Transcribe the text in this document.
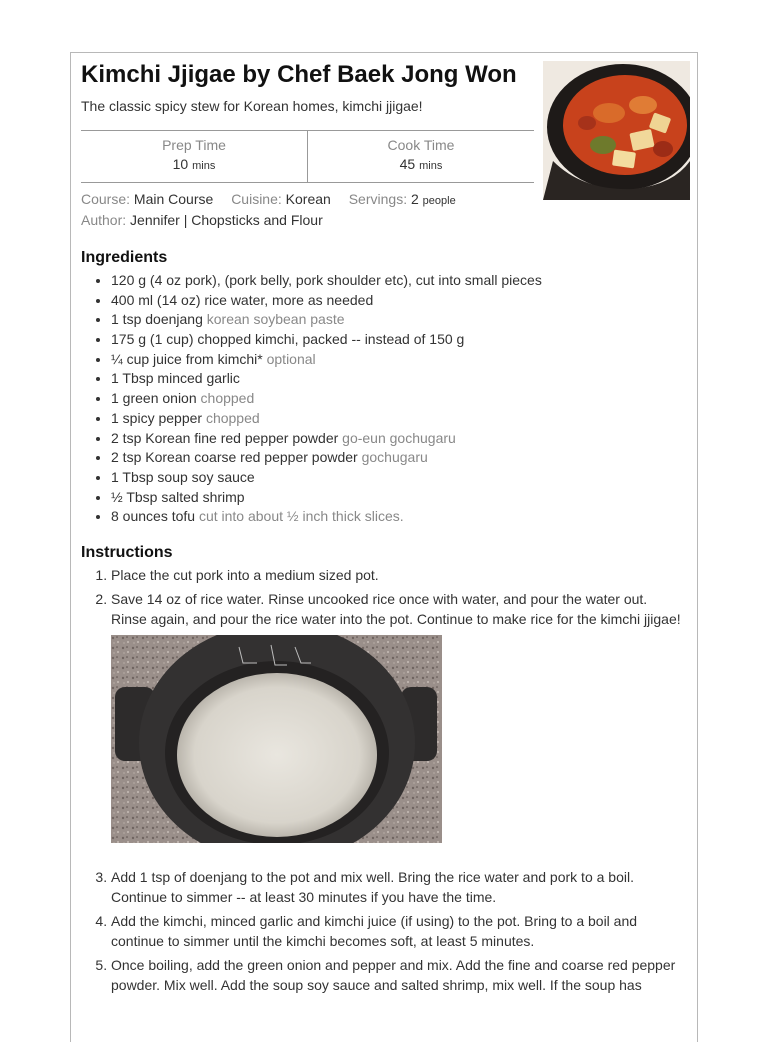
Kimchi Jjigae by Chef Baek Jong Won

The classic spicy stew for Korean homes, kimchi jjigae!

Prep Time
10 mins
Cook Time
45 mins
Course: Main Course Cuisine: Korean Servings: 2 people
Author: Jennifer | Chopsticks and Flour
Ingredients
• 120 g (4 oz pork), (pork belly, pork shoulder etc), cut into small pieces
• 400 ml (14 oz) rice water, more as needed
• 1 tsp doenjang korean soybean paste
• 175 g (1 cup) chopped kimchi, packed -- instead of 150 g
• ¼ cup juice from kimchi* optional
• 1 Tbsp minced garlic
• 1 green onion chopped
• 1 spicy pepper chopped
• 2 tsp Korean fine red pepper powder go-eun gochugaru
• 2 tsp Korean coarse red pepper powder gochugaru
• 1 Tbsp soup soy sauce
• ½ Tbsp salted shrimp
• 8 ounces tofu cut into about ½ inch thick slices.
Instructions
1. Place the cut pork into a medium sized pot.
2. Save 14 oz of rice water. Rinse uncooked rice once with water, and pour the water out. Rinse again, and pour the rice water into the pot. Continue to make rice for the kimchi jjigae!
3. Add 1 tsp of doenjang to the pot and mix well. Bring the rice water and pork to a boil. Continue to simmer -- at least 30 minutes if you have the time.
4. Add the kimchi, minced garlic and kimchi juice (if using) to the pot. Bring to a boil and continue to simmer until the kimchi becomes soft, at least 5 minutes.
5. Once boiling, add the green onion and pepper and mix. Add the fine and coarse red pepper powder. Mix well. Add the soup soy sauce and salted shrimp, mix well. If the soup has
